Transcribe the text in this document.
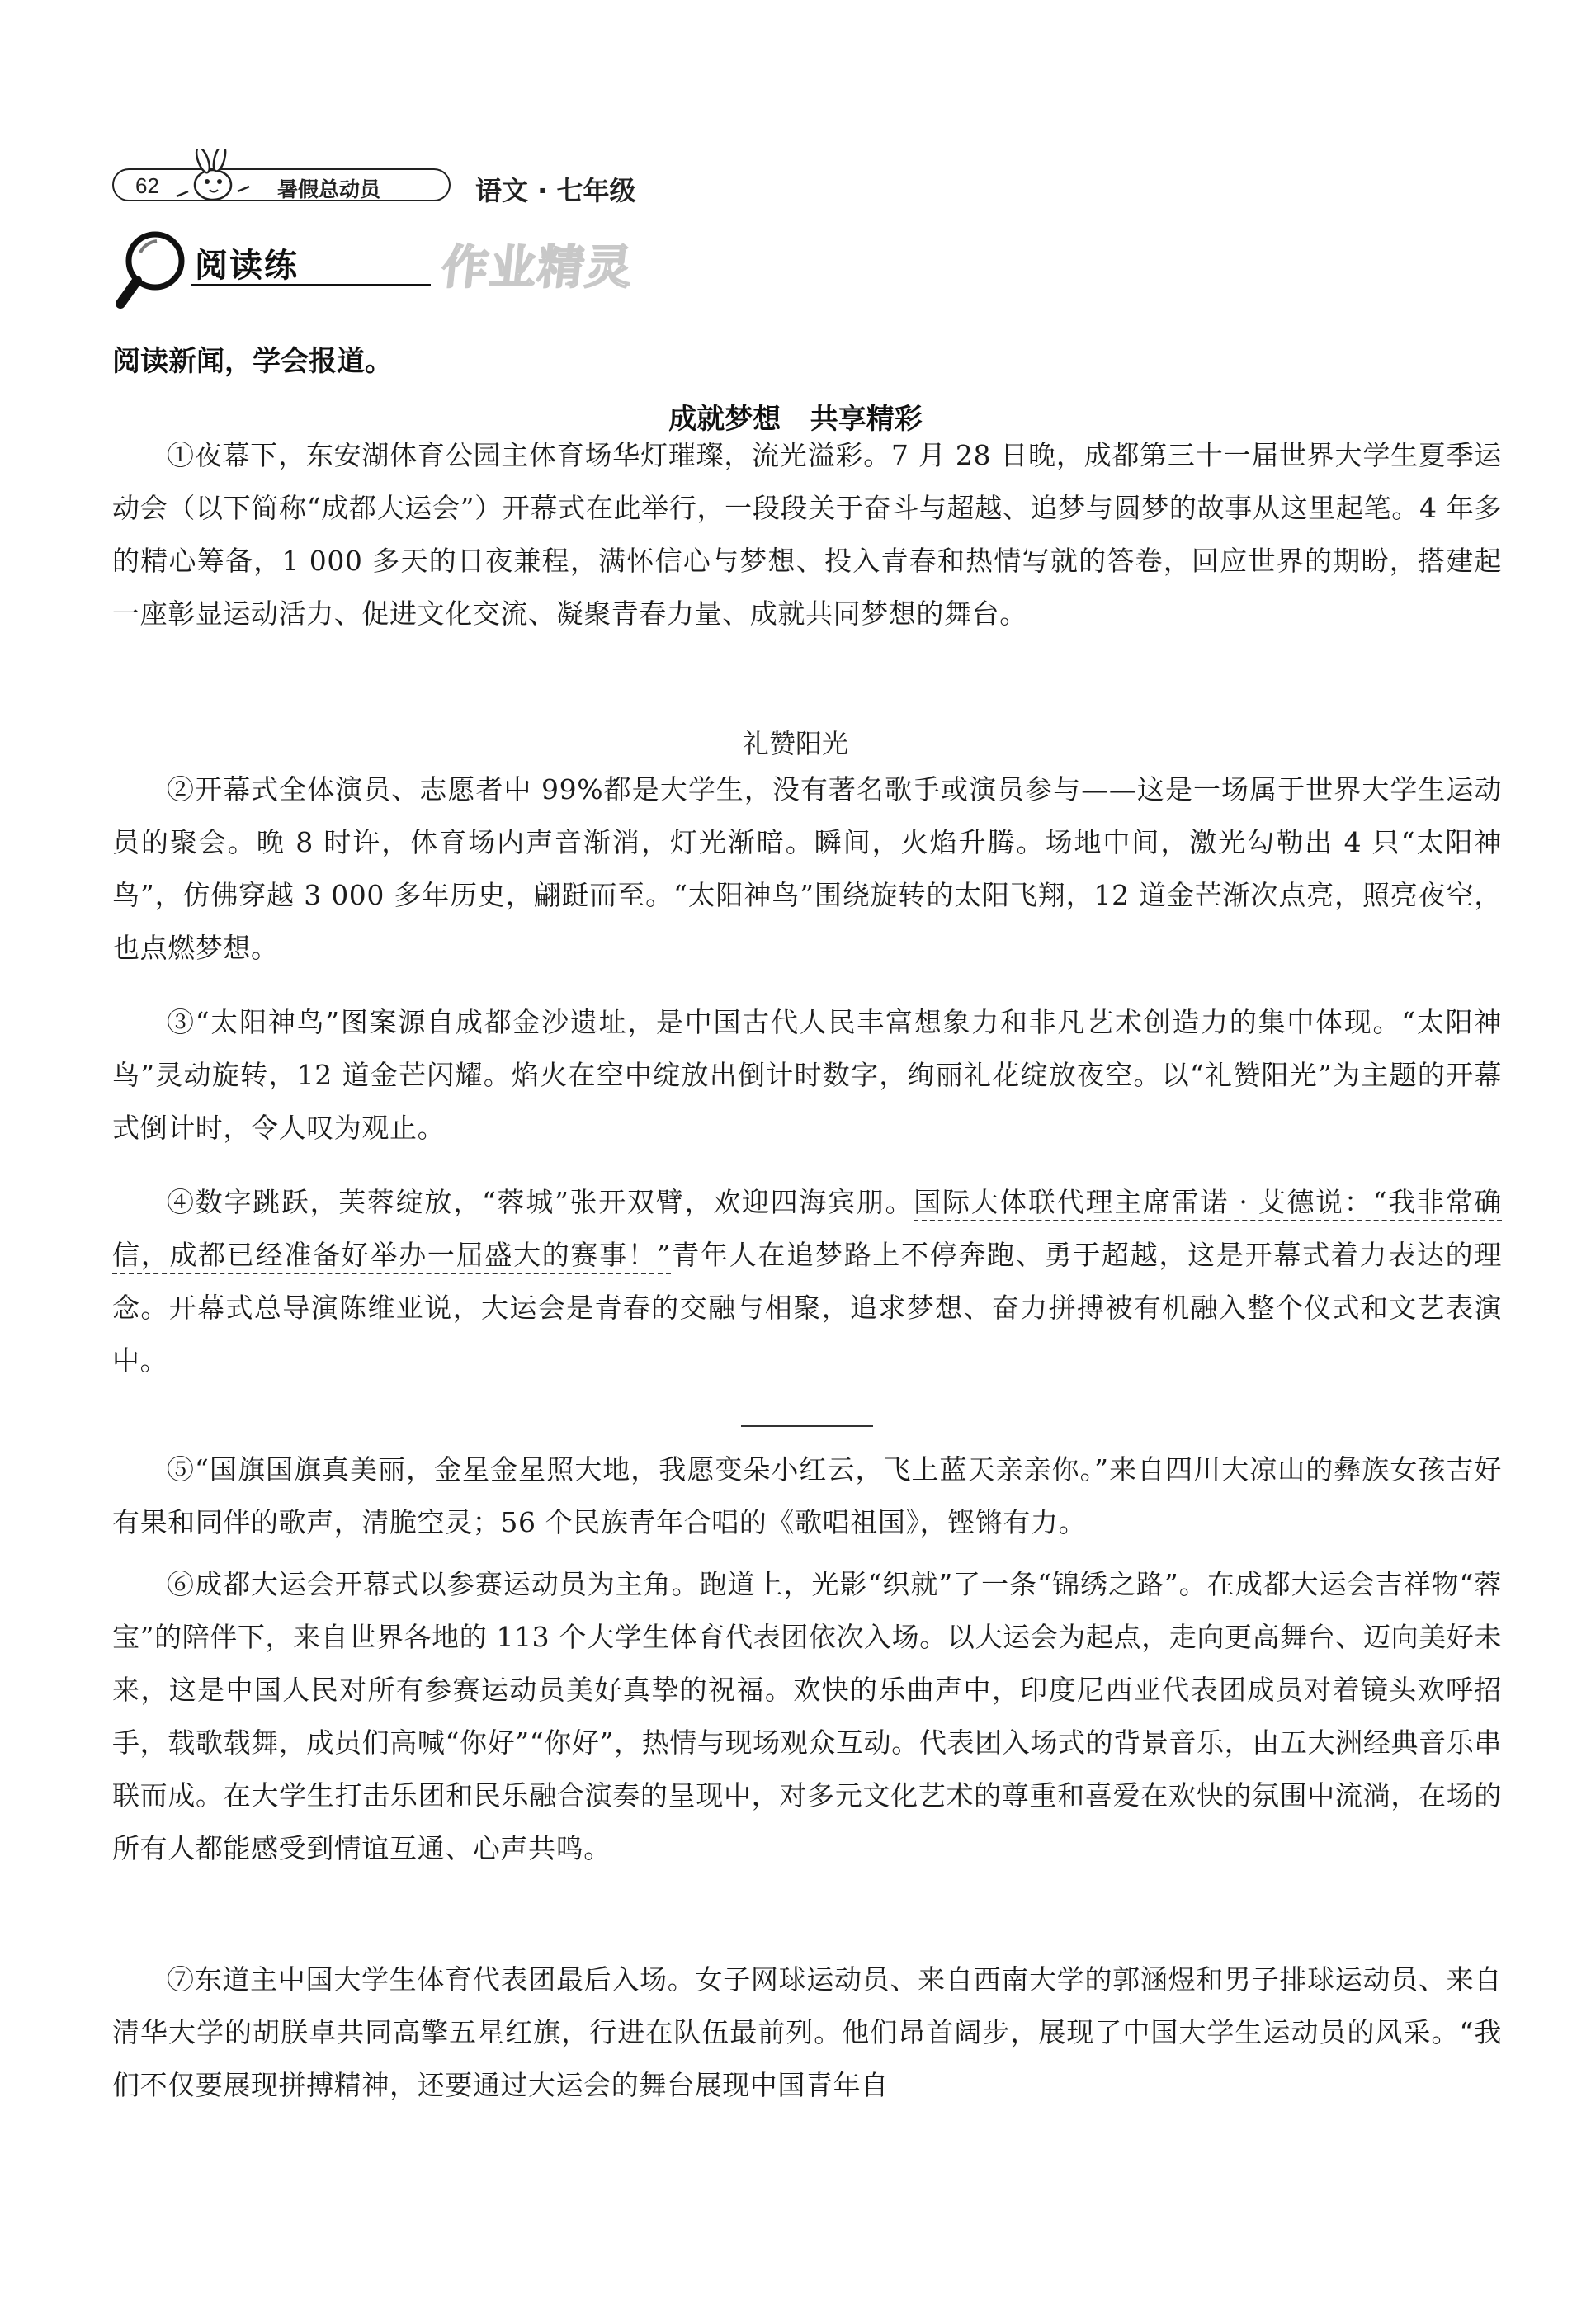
62	暑假总动员	语文 · 七年级
阅读练	作业精灵
阅读新闻，学会报道。
成就梦想   共享精彩

①夜幕下，东安湖体育公园主体育场华灯璀璨，流光溢彩。7 月 28 日晚，成都第三十一届世界大学生夏季运动会（以下简称“成都大运会”）开幕式在此举行，一段段关于奋斗与超越、追梦与圆梦的故事从这里起笔。4 年多的精心筹备，1 000 多天的日夜兼程，满怀信心与梦想、投入青春和热情写就的答卷，回应世界的期盼，搭建起一座彰显运动活力、促进文化交流、凝聚青春力量、成就共同梦想的舞台。

礼赞阳光

②开幕式全体演员、志愿者中 99%都是大学生，没有著名歌手或演员参与——这是一场属于世界大学生运动员的聚会。晚 8 时许，体育场内声音渐消，灯光渐暗。瞬间，火焰升腾。场地中间，激光勾勒出 4 只“太阳神鸟”，仿佛穿越 3 000 多年历史，翩跹而至。“太阳神鸟”围绕旋转的太阳飞翔，12 道金芒渐次点亮，照亮夜空，也点燃梦想。

③“太阳神鸟”图案源自成都金沙遗址，是中国古代人民丰富想象力和非凡艺术创造力的集中体现。“太阳神鸟”灵动旋转，12 道金芒闪耀。焰火在空中绽放出倒计时数字，绚丽礼花绽放夜空。以“礼赞阳光”为主题的开幕式倒计时，令人叹为观止。

④数字跳跃，芙蓉绽放，“蓉城”张开双臂，欢迎四海宾朋。国际大体联代理主席雷诺 · 艾德说：“我非常确信，成都已经准备好举办一届盛大的赛事！”青年人在追梦路上不停奔跑、勇于超越，这是开幕式着力表达的理念。开幕式总导演陈维亚说，大运会是青春的交融与相聚，追求梦想、奋力拼搏被有机融入整个仪式和文艺表演中。

⑤“国旗国旗真美丽，金星金星照大地，我愿变朵小红云，飞上蓝天亲亲你。”来自四川大凉山的彝族女孩吉好有果和同伴的歌声，清脆空灵；56 个民族青年合唱的《歌唱祖国》，铿锵有力。

⑥成都大运会开幕式以参赛运动员为主角。跑道上，光影“织就”了一条“锦绣之路”。在成都大运会吉祥物“蓉宝”的陪伴下，来自世界各地的 113 个大学生体育代表团依次入场。以大运会为起点，走向更高舞台、迈向美好未来，这是中国人民对所有参赛运动员美好真挚的祝福。欢快的乐曲声中，印度尼西亚代表团成员对着镜头欢呼招手，载歌载舞，成员们高喊“你好”“你好”，热情与现场观众互动。代表团入场式的背景音乐，由五大洲经典音乐串联而成。在大学生打击乐团和民乐融合演奏的呈现中，对多元文化艺术的尊重和喜爱在欢快的氛围中流淌，在场的所有人都能感受到情谊互通、心声共鸣。

⑦东道主中国大学生体育代表团最后入场。女子网球运动员、来自西南大学的郭涵煜和男子排球运动员、来自清华大学的胡朕卓共同高擎五星红旗，行进在队伍最前列。他们昂首阔步，展现了中国大学生运动员的风采。“我们不仅要展现拼搏精神，还要通过大运会的舞台展现中国青年自
